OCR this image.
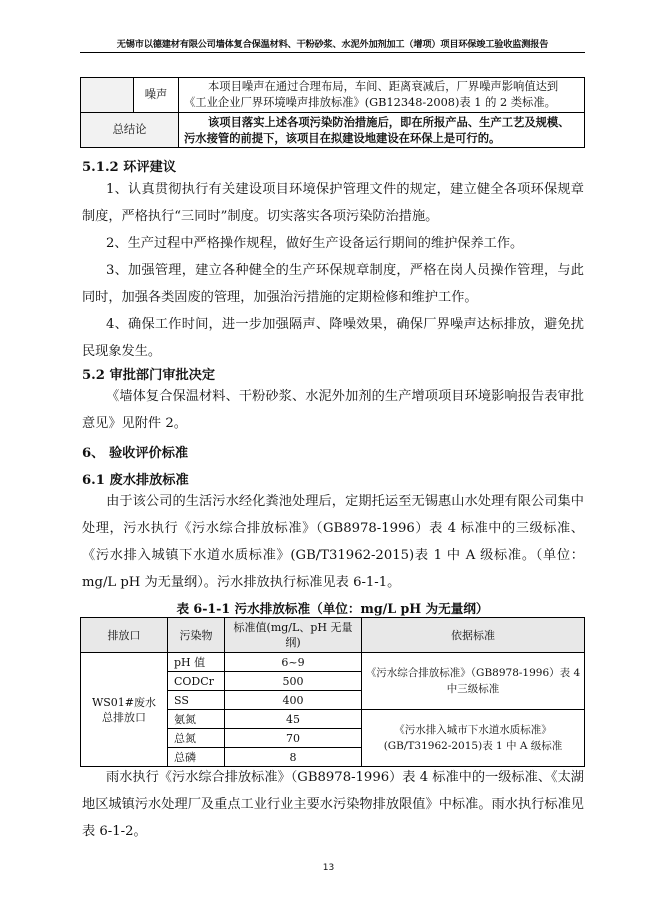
无锡市以德建材有限公司墙体复合保温材料、干粉砂浆、水泥外加剂加工（增项）项目环保竣工验收监测报告
	噪声	本项目噪声在通过合理布局，车间、距离衰减后，厂界噪声影响值达到《工业企业厂界环境噪声排放标准》(GB12348-2008)表 1 的 2 类标准。
总结论		该项目落实上述各项污染防治措施后，即在所报产品、生产工艺及规模、污水接管的前提下，该项目在拟建设地建设在环保上是可行的。
5.1.2 环评建议
1、认真贯彻执行有关建设项目环境保护管理文件的规定，建立健全各项环保规章制度，严格执行“三同时”制度。切实落实各项污染防治措施。
2、生产过程中严格操作规程，做好生产设备运行期间的维护保养工作。
3、加强管理，建立各种健全的生产环保规章制度，严格在岗人员操作管理，与此同时，加强各类固废的管理，加强治污措施的定期检修和维护工作。
4、确保工作时间，进一步加强隔声、降噪效果，确保厂界噪声达标排放，避免扰民现象发生。
5.2 审批部门审批决定
《墙体复合保温材料、干粉砂浆、水泥外加剂的生产增项项目环境影响报告表审批意见》见附件 2。
6、 验收评价标准
6.1 废水排放标准
由于该公司的生活污水经化粪池处理后，定期托运至无锡惠山水处理有限公司集中处理，污水执行《污水综合排放标准》（GB8978-1996）表 4 标准中的三级标准、《污水排入城镇下水道水质标准》(GB/T31962-2015)表 1 中 A 级标准。（单位：mg/L pH 为无量纲）。污水排放执行标准见表 6-1-1。
表 6-1-1 污水排放标准（单位：mg/L pH 为无量纲）
排放口	污染物	标准值(mg/L、pH 无量纲)	依据标准
WS01#废水总排放口	pH 值	6~9	《污水综合排放标准》（GB8978-1996）表 4 中三级标准
	CODCr	500	
	SS	400	
	氨氮	45	《污水排入城市下水道水质标准》(GB/T31962-2015)表 1 中 A 级标准
	总氮	70	
	总磷	8	
雨水执行《污水综合排放标准》（GB8978-1996）表 4 标准中的一级标准、《太湖地区城镇污水处理厂及重点工业行业主要水污染物排放限值》中标准。雨水执行标准见表 6-1-2。
13
